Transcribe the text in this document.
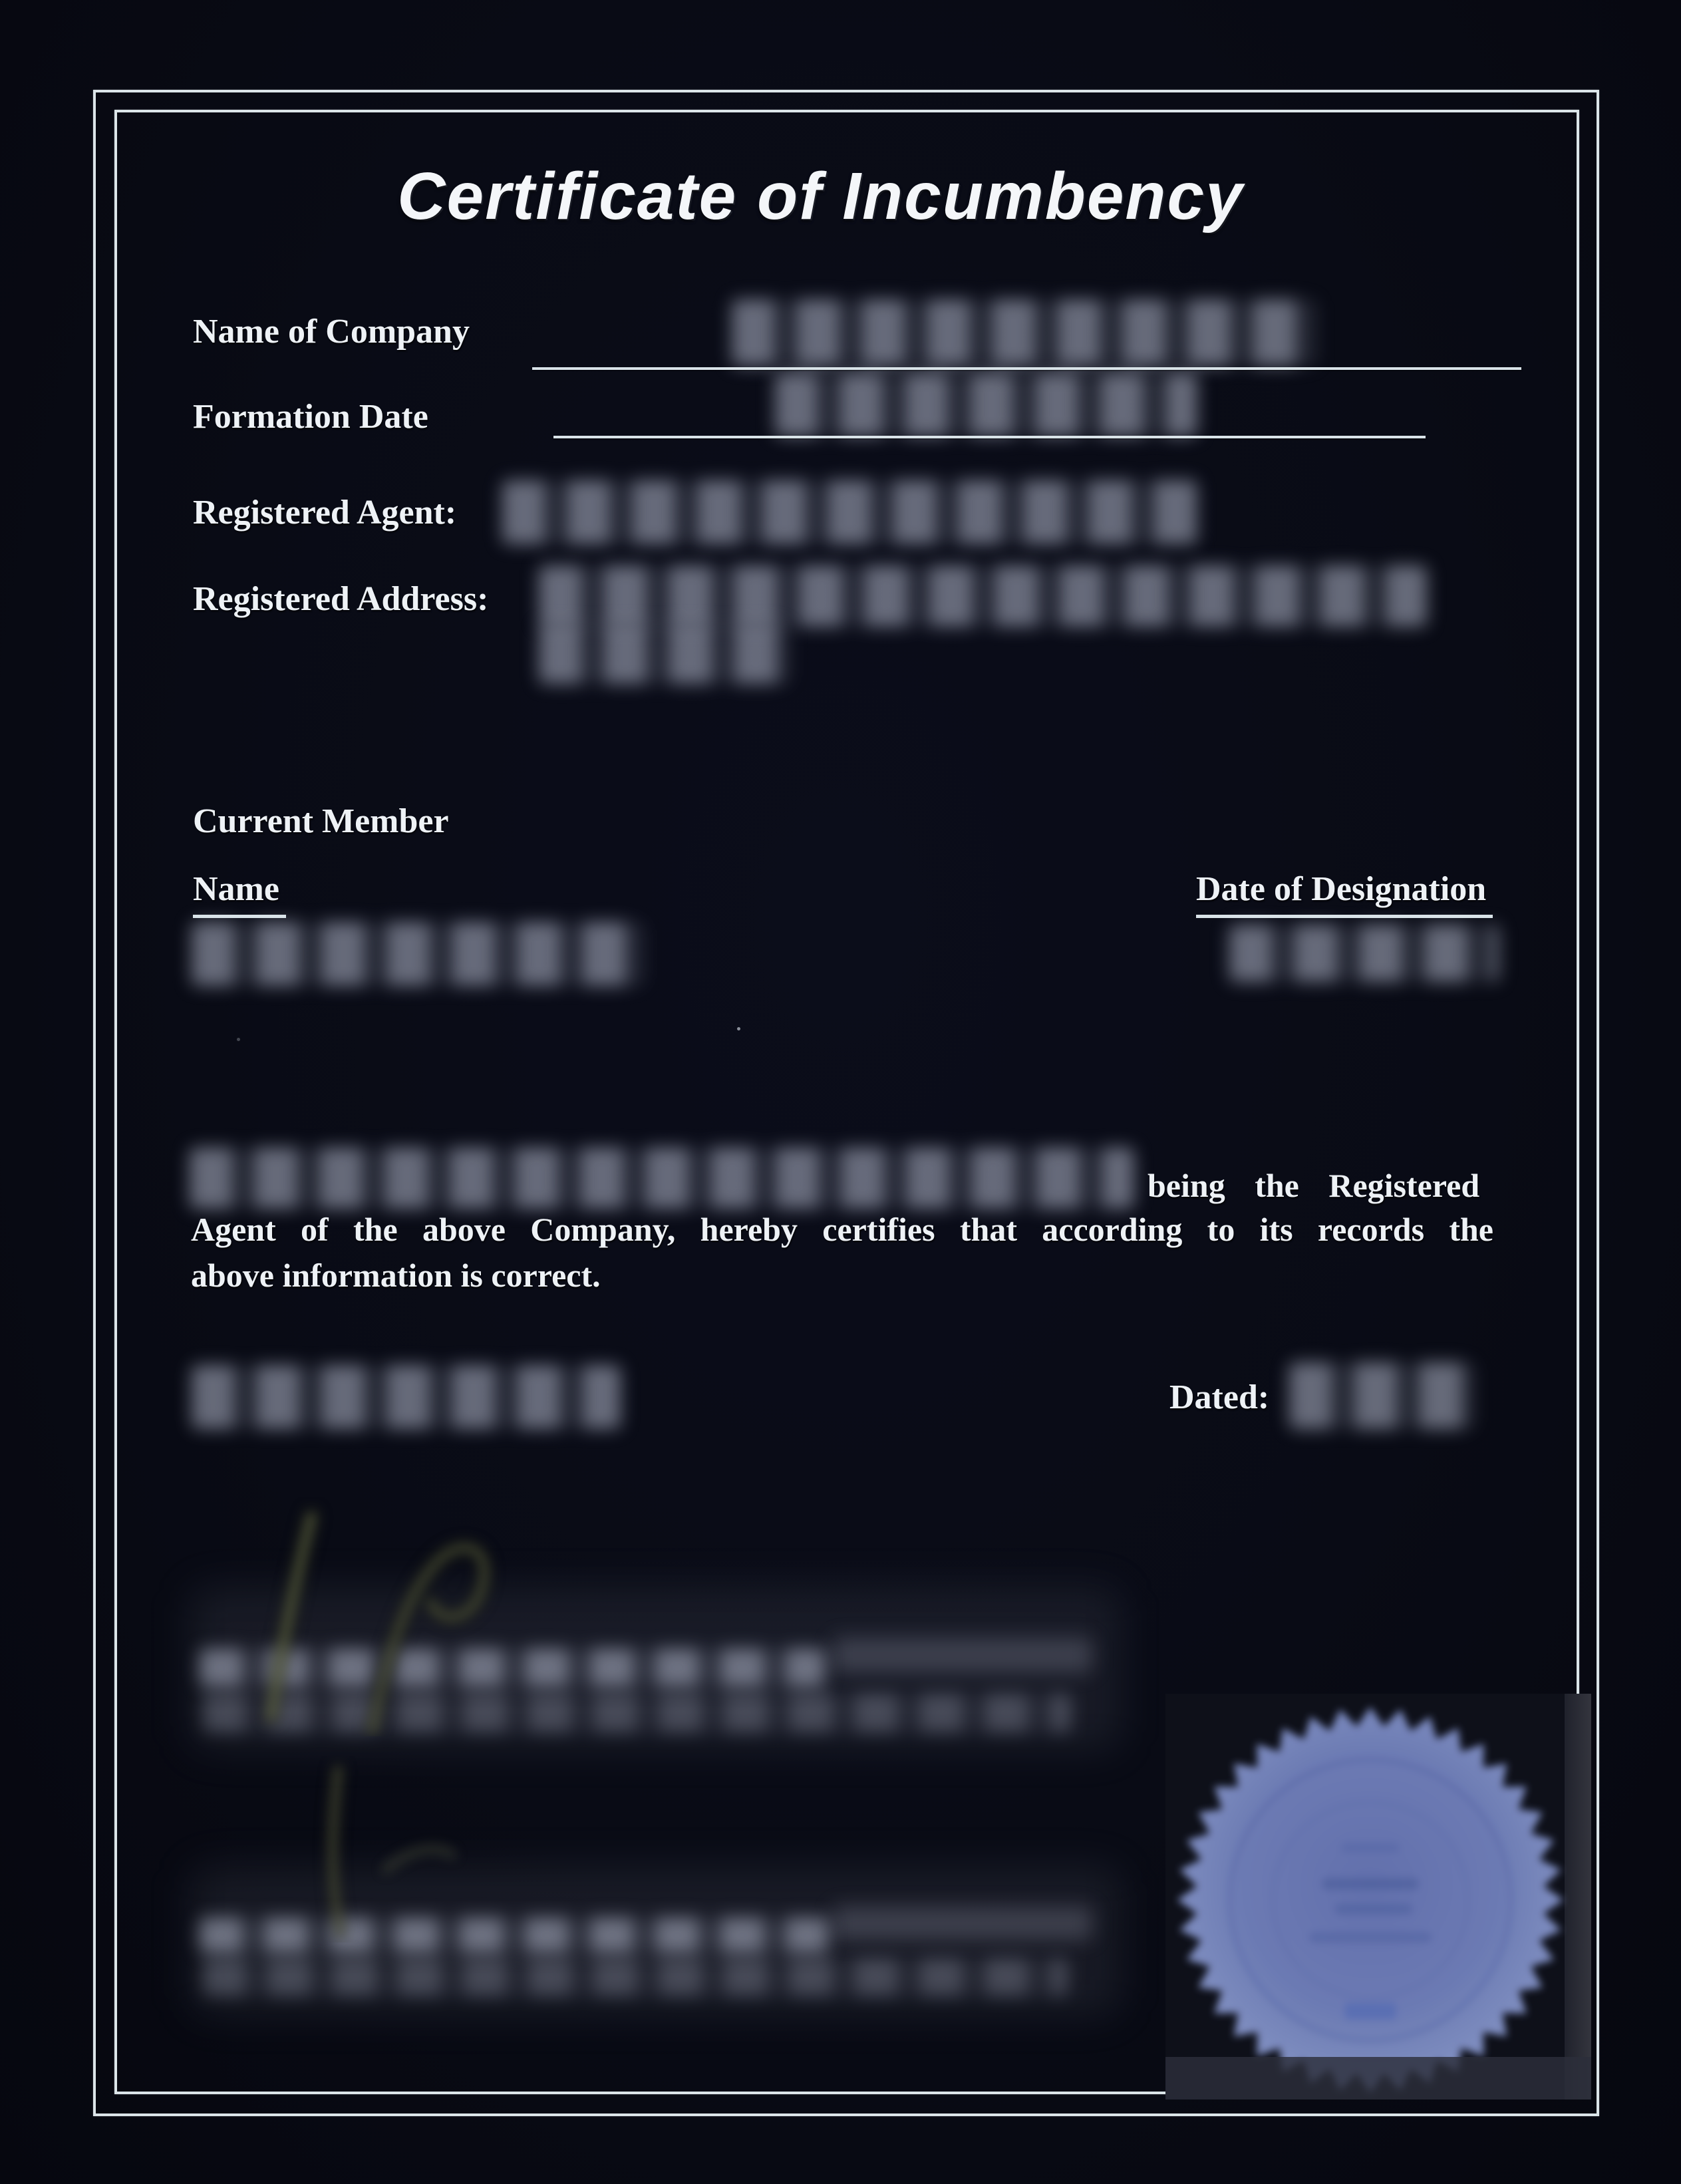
Certificate of Incumbency
Name of Company
Formation Date
Registered Agent:
Registered Address:
Current Member
Name	Date of Designation
being the Registered
Agent of the above Company, hereby certifies that according to its records the
above information is correct.
Dated:
